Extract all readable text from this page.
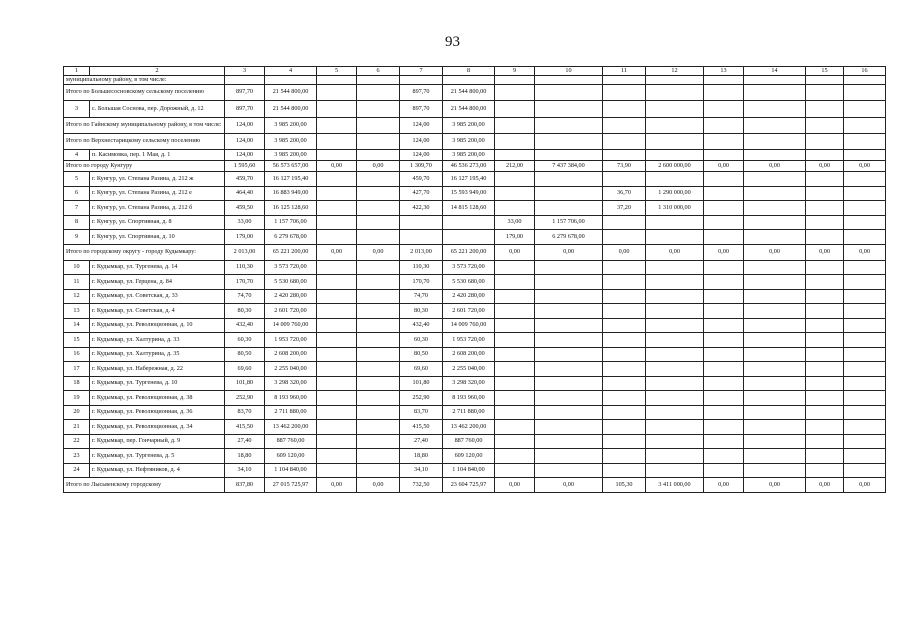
93
1	2	3	4	5	6	7	8	9	10	11	12	13	14	15	16
муниципальному району, в том числе:															
Итого по Большесосновскому сельскому поселению		897,70	21 544 800,00			897,70	21 544 800,00								
3	с. Большая Соснова, пер. Дорожный, д. 12	897,70	21 544 800,00			897,70	21 544 800,00								
Итого по Гайнскому муниципальному району, в том числе:		124,00	3 985 200,00			124,00	3 985 200,00								
Итого по Верхнестарицкому сельскому поселению		124,00	3 985 200,00			124,00	3 985 200,00								
4	п. Касимовка, пер. 1 Мая, д. 1	124,00	3 985 200,00			124,00	3 985 200,00								
Итого по городу Кунгуру		1 595,60	56 573 657,00	0,00	0,00	1 309,70	46 536 273,00	212,00	7 437 384,00	73,90	2 600 000,00	0,00	0,00	0,00	0,00
5	г. Кунгур, ул. Степана Разина, д. 212 ж	459,70	16 127 195,40			459,70	16 127 195,40								
6	г. Кунгур, ул. Степана Разина, д. 212 е	464,40	16 883 949,00			427,70	15 593 949,00			36,70	1 290 000,00				
7	г. Кунгур, ул. Степана Разина, д. 212 б	459,50	16 125 128,60			422,30	14 815 128,60			37,20	1 310 000,00				
8	г. Кунгур, ул. Спортивная, д. 8	33,00	1 157 706,00					33,00	1 157 706,00						
9	г. Кунгур, ул. Спортивная, д. 10	179,00	6 279 678,00					179,00	6 279 678,00						
Итого по городскому округу - городу Кудымкару:		2 013,00	65 221 200,00	0,00	0,00	2 013,00	65 221 200,00	0,00	0,00	0,00	0,00	0,00	0,00	0,00	0,00
10	г. Кудымкар, ул. Тургенева, д. 14	110,30	3 573 720,00			110,30	3 573 720,00								
11	г. Кудымкар, ул. Герцена, д. 84	170,70	5 530 680,00			170,70	5 530 680,00								
12	г. Кудымкар, ул. Советская, д. 33	74,70	2 420 280,00			74,70	2 420 280,00								
13	г. Кудымкар, ул. Советская, д. 4	80,30	2 601 720,00			80,30	2 601 720,00								
14	г. Кудымкар, ул. Революционная, д. 10	432,40	14 009 760,00			432,40	14 009 760,00								
15	г. Кудымкар, ул. Халтурина, д. 33	60,30	1 953 720,00			60,30	1 953 720,00								
16	г. Кудымкар, ул. Халтурина, д. 35	80,50	2 608 200,00			80,50	2 608 200,00								
17	г. Кудымкар, ул. Набережная, д. 22	69,60	2 255 040,00			69,60	2 255 040,00								
18	г. Кудымкар, ул. Тургенева, д. 10	101,80	3 298 320,00			101,80	3 298 320,00								
19	г. Кудымкар, ул. Революционная, д. 38	252,90	8 193 960,00			252,90	8 193 960,00								
20	г. Кудымкар, ул. Революционная, д. 36	83,70	2 711 880,00			83,70	2 711 880,00								
21	г. Кудымкар, ул. Революционная, д. 34	415,50	13 462 200,00			415,50	13 462 200,00								
22	г. Кудымкар, пер. Гончарный, д. 9	27,40	887 760,00			27,40	887 760,00								
23	г. Кудымкар, ул. Тургенева, д. 5	18,80	609 120,00			18,80	609 120,00								
24	г. Кудымкар, ул. Нефтяников, д. 4	34,10	1 104 840,00			34,10	1 104 840,00								
Итого по Лысьвенскому городскому		837,80	27 015 725,97	0,00	0,00	732,50	23 604 725,97	0,00	0,00	105,30	3 411 000,00	0,00	0,00	0,00	0,00
